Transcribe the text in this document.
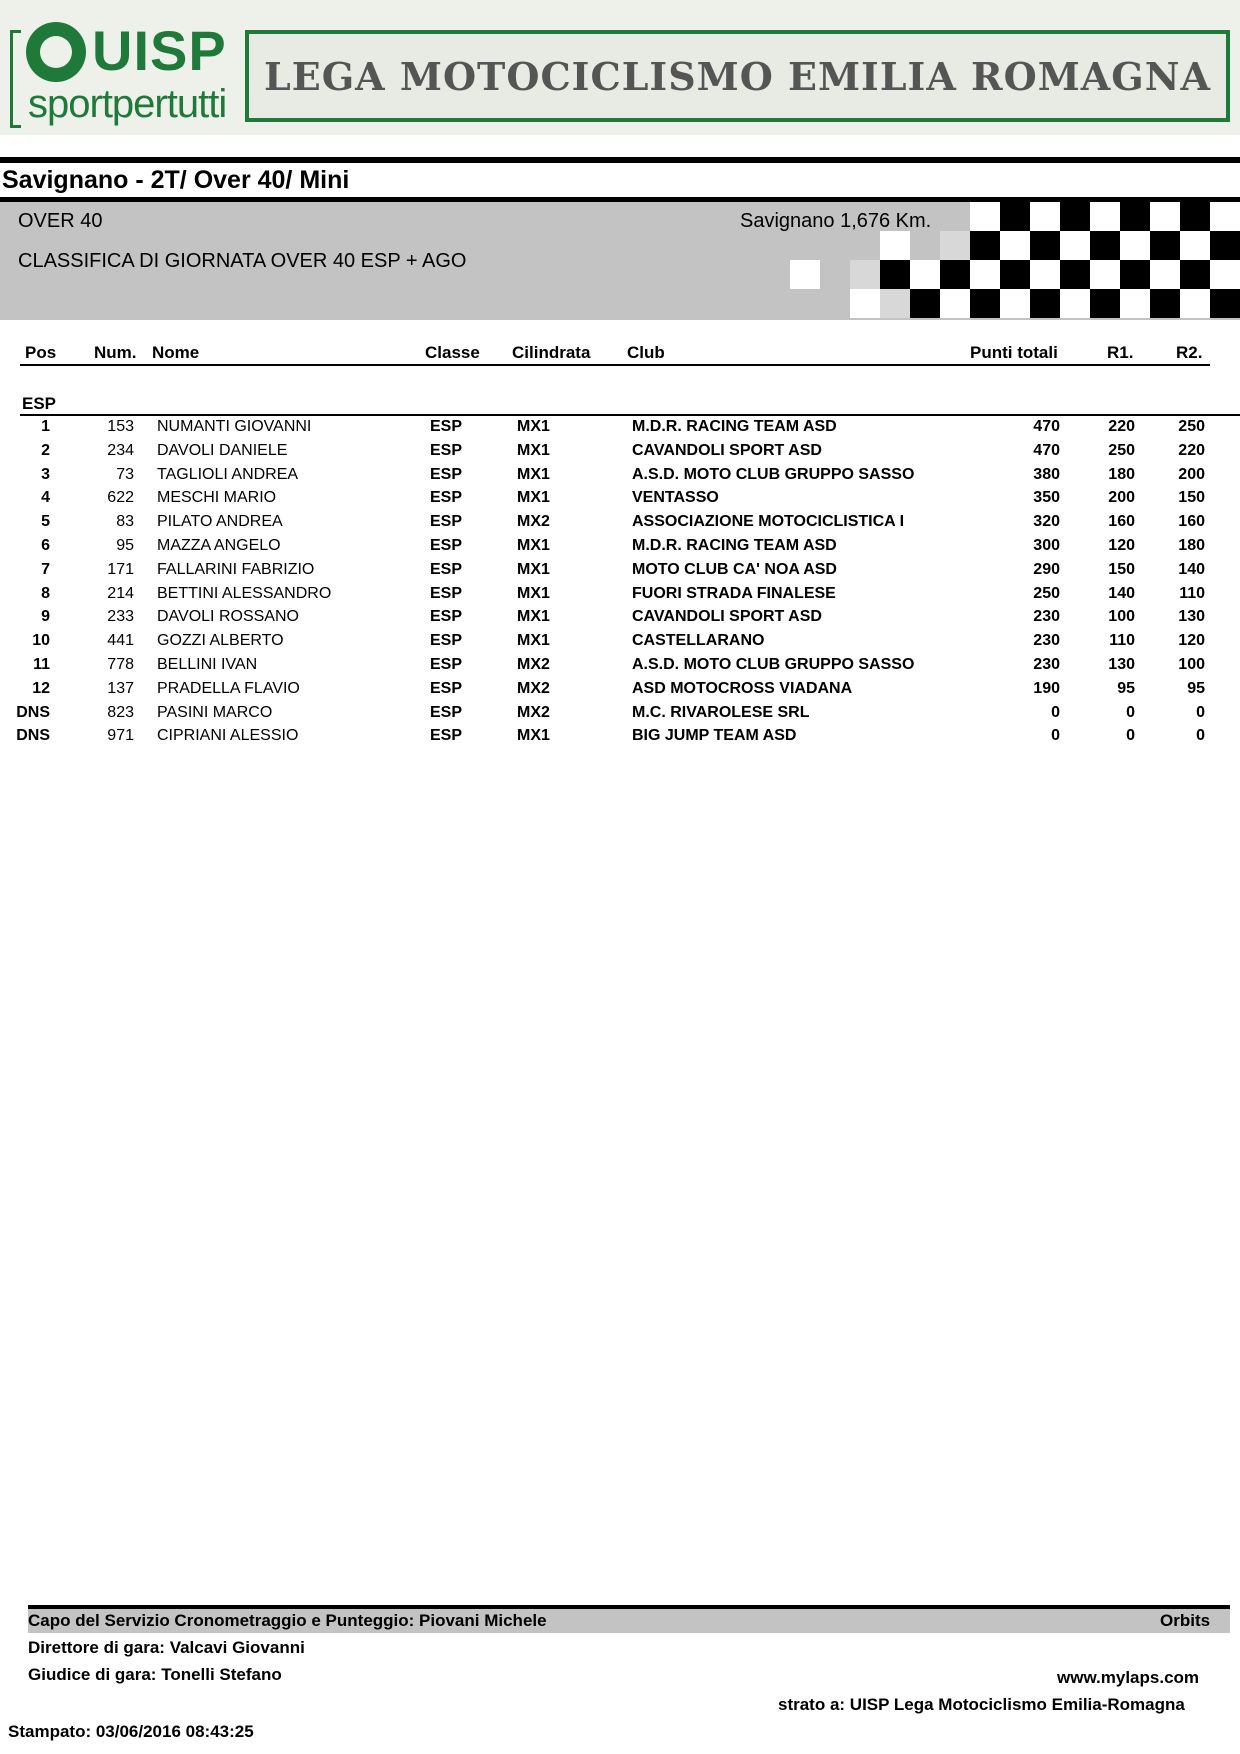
UISP
sportpertutti
LEGA MOTOCICLISMO EMILIA ROMAGNA
Savignano - 2T/ Over 40/ Mini
OVER 40
CLASSIFICA DI GIORNATA OVER 40 ESP + AGO
Savignano 1,676 Km.
Pos Num. Nome	Classe Cilindrata Club	Punti totali	R1.	R2.
ESP
1	153 NUMANTI GIOVANNI	ESP	MX1	M.D.R. RACING TEAM ASD	470	220	250
2	234 DAVOLI DANIELE	ESP	MX1	CAVANDOLI SPORT ASD	470	250	220
3	73 TAGLIOLI ANDREA	ESP	MX1	A.S.D. MOTO CLUB GRUPPO SASSO	380	180	200
4	622 MESCHI MARIO	ESP	MX1	VENTASSO	350	200	150
5	83 PILATO ANDREA	ESP	MX2	ASSOCIAZIONE MOTOCICLISTICA I	320	160	160
6	95 MAZZA ANGELO	ESP	MX1	M.D.R. RACING TEAM ASD	300	120	180
7	171 FALLARINI FABRIZIO	ESP	MX1	MOTO CLUB CA' NOA ASD	290	150	140
8	214 BETTINI ALESSANDRO	ESP	MX1	FUORI STRADA FINALESE	250	140	110
9	233 DAVOLI ROSSANO	ESP	MX1	CAVANDOLI SPORT ASD	230	100	130
10	441 GOZZI ALBERTO	ESP	MX1	CASTELLARANO	230	110	120
11	778 BELLINI IVAN	ESP	MX2	A.S.D. MOTO CLUB GRUPPO SASSO	230	130	100
12	137 PRADELLA FLAVIO	ESP	MX2	ASD MOTOCROSS VIADANA	190	95	95
DNS	823 PASINI MARCO	ESP	MX2	M.C. RIVAROLESE SRL	0	0	0
DNS	971 CIPRIANI ALESSIO	ESP	MX1	BIG JUMP TEAM ASD	0	0	0
Capo del Servizio Cronometraggio e Punteggio: Piovani Michele	Orbits
Direttore di gara: Valcavi Giovanni
Giudice di gara: Tonelli Stefano	www.mylaps.com
strato a: UISP Lega Motociclismo Emilia-Romagna
Stampato: 03/06/2016 08:43:25
